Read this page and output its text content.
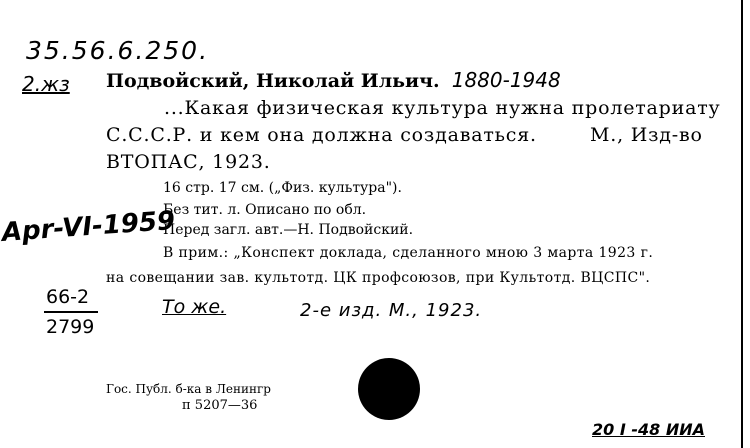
35.56.6.250.
2.жз Подвойский, Николай Ильич. 1880-1948
...Какая физическая культура нужна пролетариату
С.С.С.Р. и кем она должна создаваться.	М., Изд-во
ВТОПАС, 1923.
16 стр. 17 см. („Физ. культура").
Без тит. л. Описано по обл.
Перед загл. авт.—Н. Подвойский.
В прим.: „Конспект доклада, сделанного мною 3 марта 1923 г.
на совещании зав. культотд. ЦК профсоюзов, при Культотд. ВЦСПС".
Apr-VI-1959
66-2
2799
То же.	2-е изд. М., 1923.
Гос. Публ. б-ка в Ленингр
п 5207—36
20 I -48 ИИА
